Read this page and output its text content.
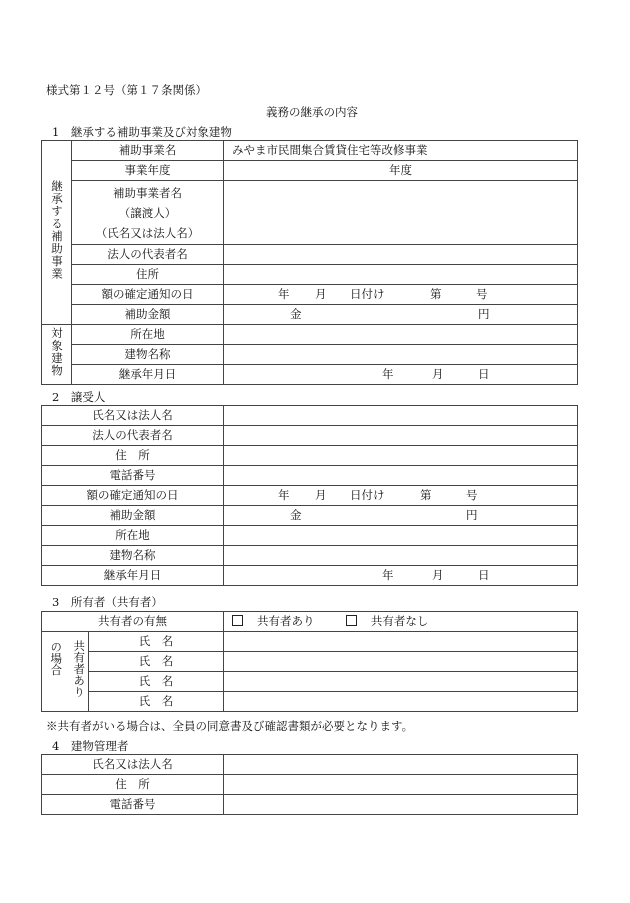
様式第１２号（第１７条関係）
義務の継承の内容
1　継承する補助事業及び対象建物
継承する補助事業	補助事業名	みやま市民間集合賃貸住宅等改修事業
	事業年度	年度

	補助事業者名
（譲渡人）
（氏名又は法人名）	

	法人の代表者名	
	住所	
	額の確定通知の日	年 月 日付け 第 号

	補助金額	金 円

対象建物	所在地	
	建物名称	
	継承年月日	年 月 日
2　譲受人
氏名又は法人名	
法人の代表者名	
住　所	
電話番号	
額の確定通知の日	年 月 日付け 第 号

補助金額	金 円

所在地	
建物名称	
継承年月日	年 月 日
3　所有者（共有者）
共有者の有無			共有者あり 共有者なし
の場合	共有者あり	氏　名	
		氏　名	
		氏　名	
		氏　名	
※共有者がいる場合は、全員の同意書及び確認書類が必要となります。
4　建物管理者
氏名又は法人名	
住　所	
電話番号	
